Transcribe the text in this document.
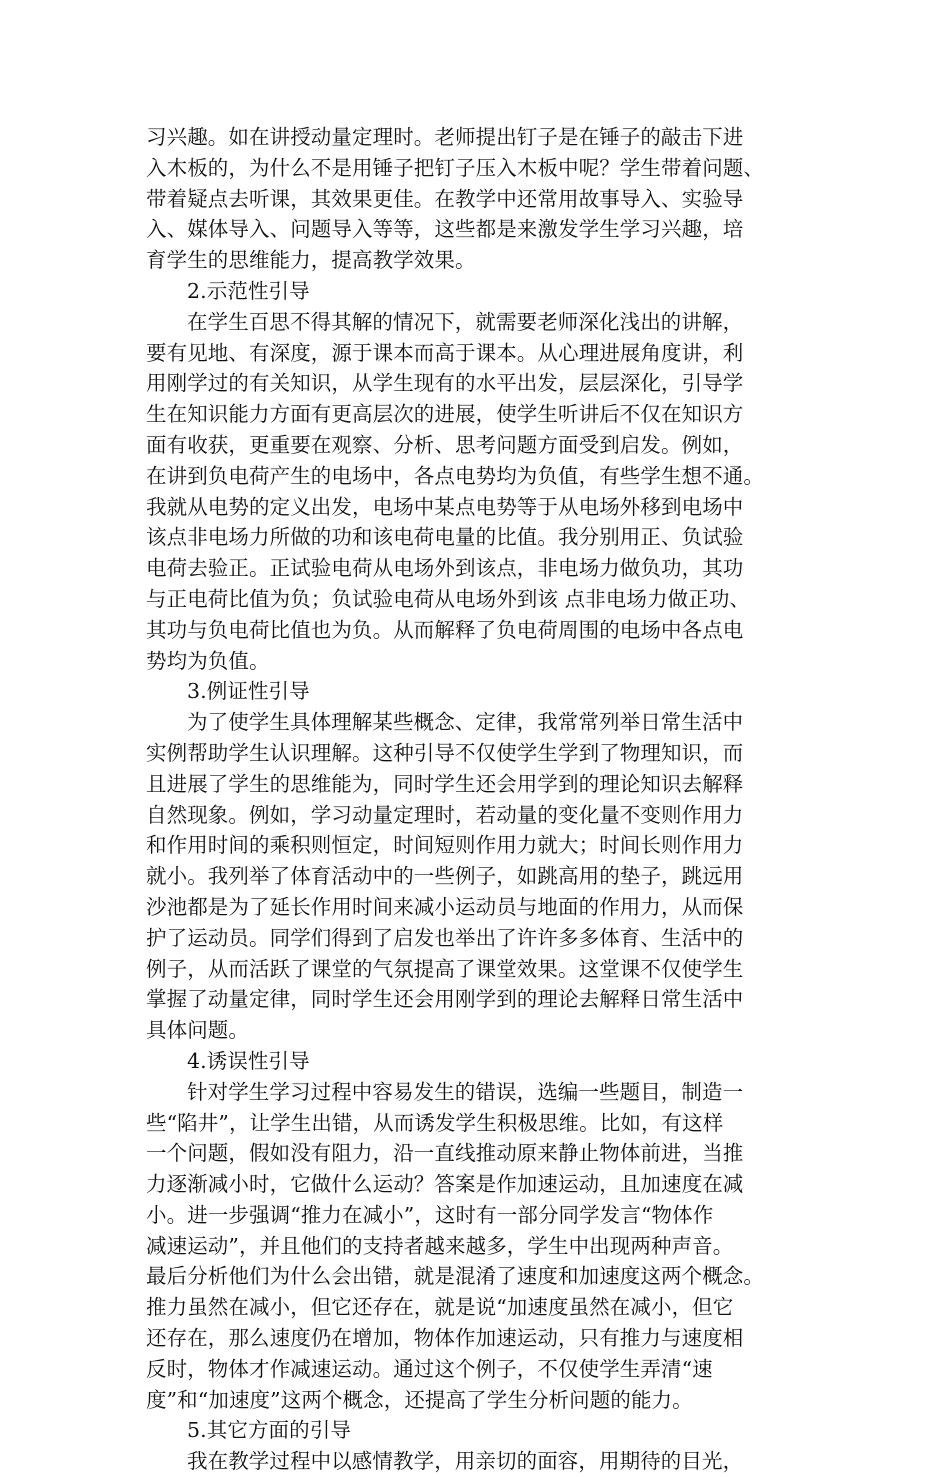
习兴趣。如在讲授动量定理时。老师提出钉子是在锤子的敲击下进
入木板的，为什么不是用锤子把钉子压入木板中呢？学生带着问题、
带着疑点去听课，其效果更佳。在教学中还常用故事导入、实验导
入、媒体导入、问题导入等等，这些都是来激发学生学习兴趣，培
育学生的思维能力，提高教学效果。
2.示范性引导
在学生百思不得其解的情况下，就需要老师深化浅出的讲解，
要有见地、有深度，源于课本而高于课本。从心理进展角度讲，利
用刚学过的有关知识，从学生现有的水平出发，层层深化，引导学
生在知识能力方面有更高层次的进展，使学生听讲后不仅在知识方
面有收获，更重要在观察、分析、思考问题方面受到启发。例如，
在讲到负电荷产生的电场中，各点电势均为负值，有些学生想不通。
我就从电势的定义出发，电场中某点电势等于从电场外移到电场中
该点非电场力所做的功和该电荷电量的比值。我分别用正、负试验
电荷去验正。正试验电荷从电场外到该点，非电场力做负功，其功
与正电荷比值为负；负试验电荷从电场外到该 点非电场力做正功、
其功与负电荷比值也为负。从而解释了负电荷周围的电场中各点电
势均为负值。
3.例证性引导
为了使学生具体理解某些概念、定律，我常常列举日常生活中
实例帮助学生认识理解。这种引导不仅使学生学到了物理知识，而
且进展了学生的思维能为，同时学生还会用学到的理论知识去解释
自然现象。例如，学习动量定理时，若动量的变化量不变则作用力
和作用时间的乘积则恒定，时间短则作用力就大；时间长则作用力
就小。我列举了体育活动中的一些例子，如跳高用的垫子，跳远用
沙池都是为了延长作用时间来减小运动员与地面的作用力，从而保
护了运动员。同学们得到了启发也举出了许许多多体育、生活中的
例子，从而活跃了课堂的气氛提高了课堂效果。这堂课不仅使学生
掌握了动量定律，同时学生还会用刚学到的理论去解释日常生活中
具体问题。
4.诱误性引导
针对学生学习过程中容易发生的错误，选编一些题目，制造一
些“陷井”，让学生出错，从而诱发学生积极思维。比如，有这样
一个问题，假如没有阻力，沿一直线推动原来静止物体前进，当推
力逐渐减小时，它做什么运动？答案是作加速运动，且加速度在减
小。进一步强调“推力在减小”，这时有一部分同学发言“物体作
减速运动”，并且他们的支持者越来越多，学生中出现两种声音。
最后分析他们为什么会出错，就是混淆了速度和加速度这两个概念。
推力虽然在减小，但它还存在，就是说“加速度虽然在减小，但它
还存在，那么速度仍在增加，物体作加速运动，只有推力与速度相
反时，物体才作减速运动。通过这个例子，不仅使学生弄清“速
度”和“加速度”这两个概念，还提高了学生分析问题的能力。
5.其它方面的引导
我在教学过程中以感情教学，用亲切的面容，用期待的目光，
